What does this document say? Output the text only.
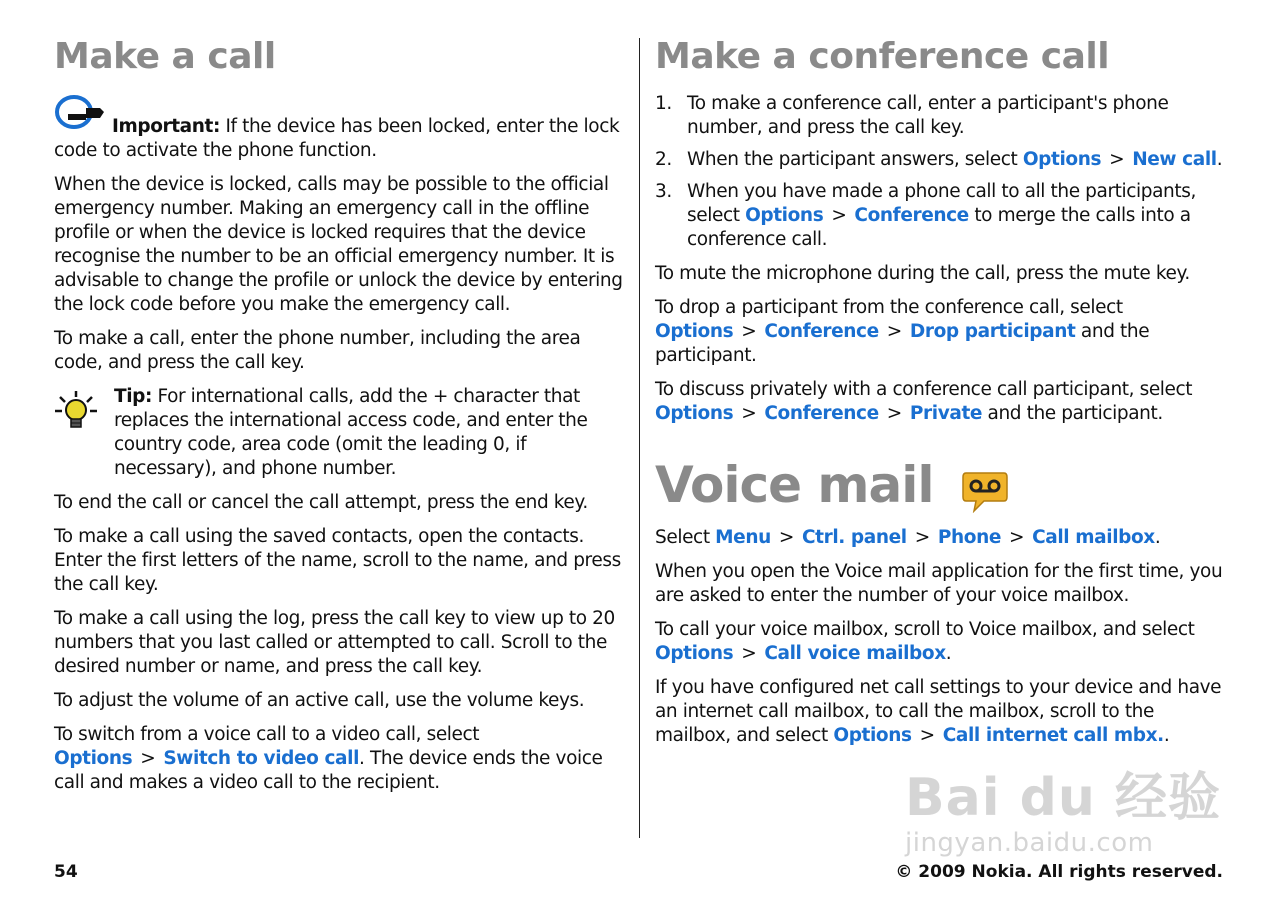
Make a call

Important: If the device has been locked, enter the lock code to activate the phone function.

When the device is locked, calls may be possible to the official emergency number. Making an emergency call in the offline profile or when the device is locked requires that the device recognise the number to be an official emergency number. It is advisable to change the profile or unlock the device by entering the lock code before you make the emergency call.

To make a call, enter the phone number, including the area code, and press the call key.

Tip: For international calls, add the + character that replaces the international access code, and enter the country code, area code (omit the leading 0, if necessary), and phone number.

To end the call or cancel the call attempt, press the end key.

To make a call using the saved contacts, open the contacts. Enter the first letters of the name, scroll to the name, and press the call key.

To make a call using the log, press the call key to view up to 20 numbers that you last called or attempted to call. Scroll to the desired number or name, and press the call key.

To adjust the volume of an active call, use the volume keys.

To switch from a voice call to a video call, select Options > Switch to video call. The device ends the voice call and makes a video call to the recipient.

Make a conference call
1. To make a conference call, enter a participant's phone number, and press the call key.
2. When the participant answers, select Options > New call.
3. When you have made a phone call to all the participants, select Options > Conference to merge the calls into a conference call.

To mute the microphone during the call, press the mute key.

To drop a participant from the conference call, select Options > Conference > Drop participant and the participant.

To discuss privately with a conference call participant, select Options > Conference > Private and the participant.

Voice mail

Select Menu > Ctrl. panel > Phone > Call mailbox.

When you open the Voice mail application for the first time, you are asked to enter the number of your voice mailbox.

To call your voice mailbox, scroll to Voice mailbox, and select Options > Call voice mailbox.

If you have configured net call settings to your device and have an internet call mailbox, to call the mailbox, scroll to the mailbox, and select Options > Call internet call mbx..

Bai du 经验
jingyan.baidu.com
54	© 2009 Nokia. All rights reserved.
